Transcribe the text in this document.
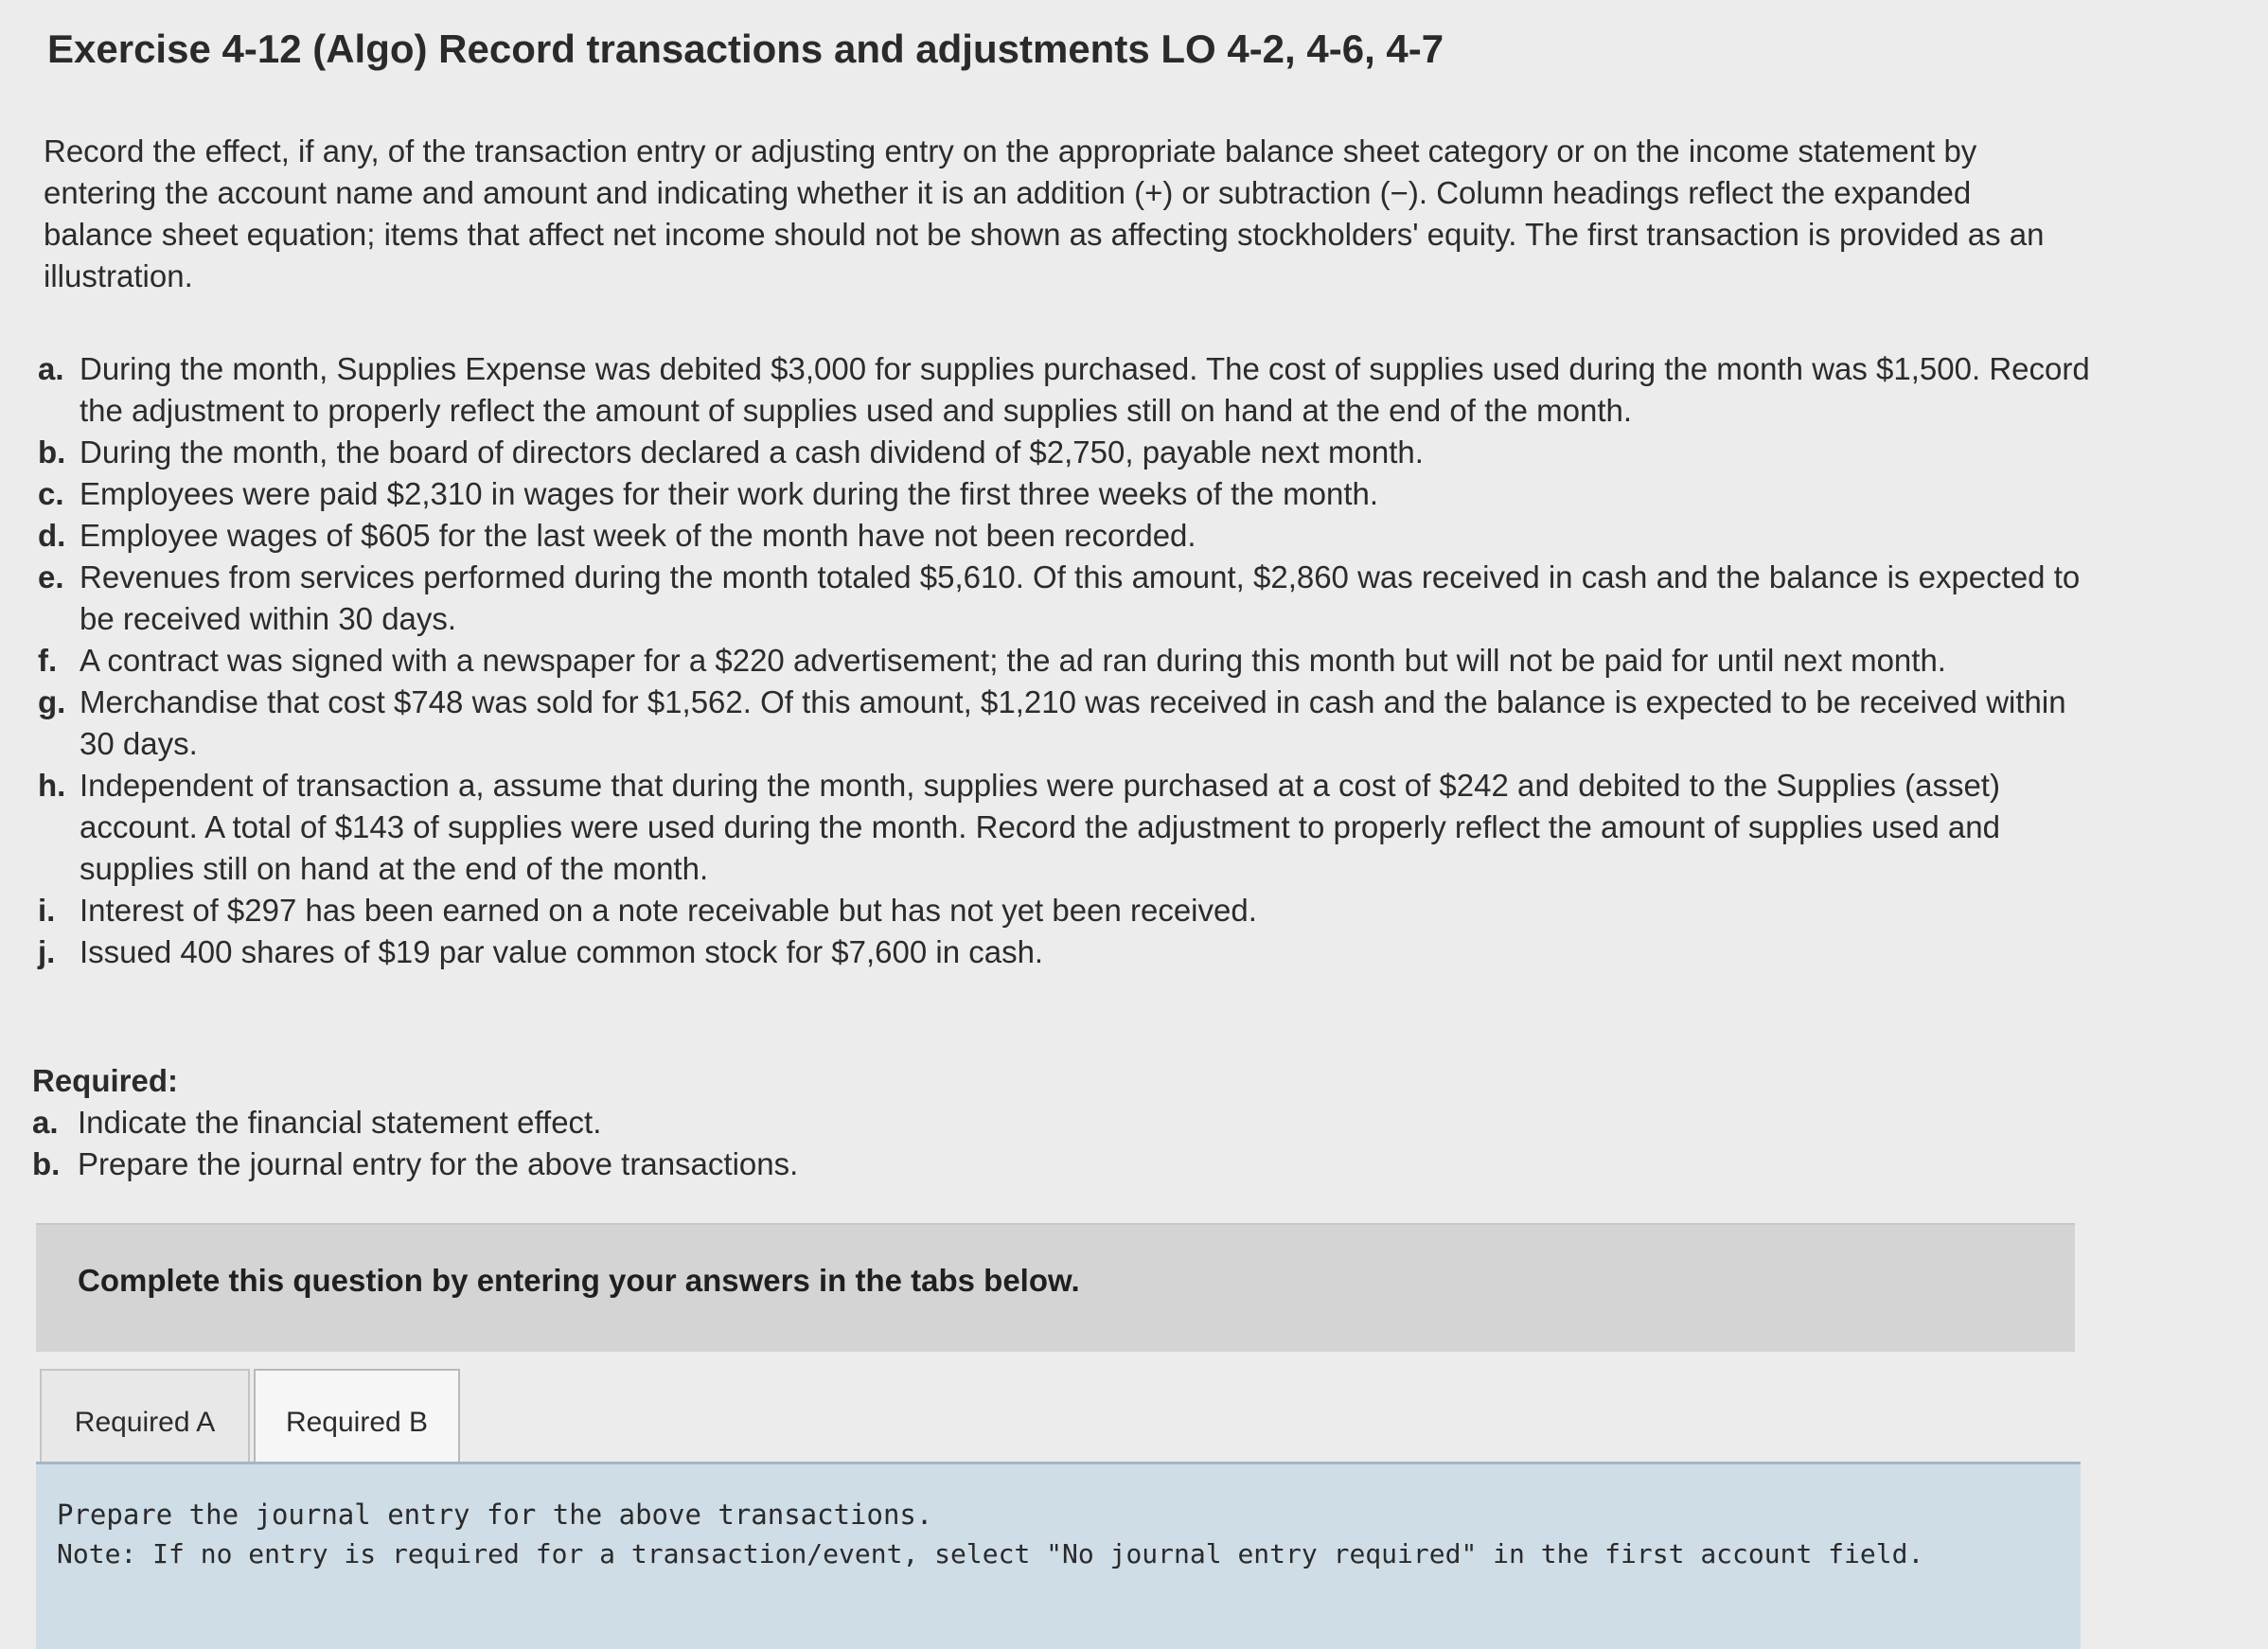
Exercise 4-12 (Algo) Record transactions and adjustments LO 4-2, 4-6, 4-7

Record the effect, if any, of the transaction entry or adjusting entry on the appropriate balance sheet category or on the income statement by entering the account name and amount and indicating whether it is an addition (+) or subtraction (−). Column headings reflect the expanded balance sheet equation; items that affect net income should not be shown as affecting stockholders' equity. The first transaction is provided as an illustration.

a. During the month, Supplies Expense was debited $3,000 for supplies purchased. The cost of supplies used during the month was $1,500. Record the adjustment to properly reflect the amount of supplies used and supplies still on hand at the end of the month.
b. During the month, the board of directors declared a cash dividend of $2,750, payable next month.
c. Employees were paid $2,310 in wages for their work during the first three weeks of the month.
d. Employee wages of $605 for the last week of the month have not been recorded.
e. Revenues from services performed during the month totaled $5,610. Of this amount, $2,860 was received in cash and the balance is expected to be received within 30 days.
f. A contract was signed with a newspaper for a $220 advertisement; the ad ran during this month but will not be paid for until next month.
g. Merchandise that cost $748 was sold for $1,562. Of this amount, $1,210 was received in cash and the balance is expected to be received within 30 days.
h. Independent of transaction a, assume that during the month, supplies were purchased at a cost of $242 and debited to the Supplies (asset) account. A total of $143 of supplies were used during the month. Record the adjustment to properly reflect the amount of supplies used and supplies still on hand at the end of the month.
i. Interest of $297 has been earned on a note receivable but has not yet been received.
j. Issued 400 shares of $19 par value common stock for $7,600 in cash.
Required:
a. Indicate the financial statement effect.
b. Prepare the journal entry for the above transactions.
Complete this question by entering your answers in the tabs below.
Required A Required B
Prepare the journal entry for the above transactions.
Note: If no entry is required for a transaction/event, select "No journal entry required" in the first account field.
